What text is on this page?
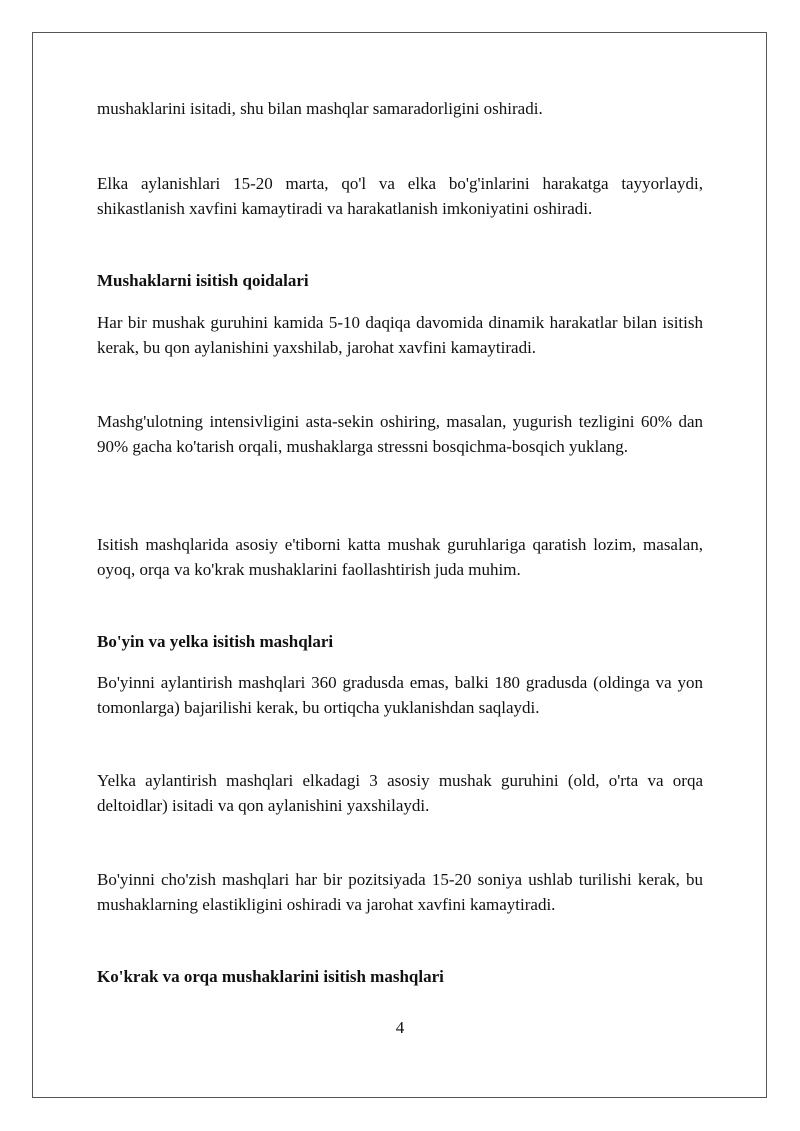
mushaklarini isitadi, shu bilan mashqlar samaradorligini oshiradi.

Elka aylanishlari 15-20 marta, qo'l va elka bo'g'inlarini harakatga tayyorlaydi, shikastlanish xavfini kamaytiradi va harakatlanish imkoniyatini oshiradi.

Mushaklarni isitish qoidalari

Har bir mushak guruhini kamida 5-10 daqiqa davomida dinamik harakatlar bilan isitish kerak, bu qon aylanishini yaxshilab, jarohat xavfini kamaytiradi.

Mashg'ulotning intensivligini asta-sekin oshiring, masalan, yugurish tezligini 60% dan 90% gacha ko'tarish orqali, mushaklarga stressni bosqichma-bosqich yuklang.

Isitish mashqlarida asosiy e'tiborni katta mushak guruhlariga qaratish lozim, masalan, oyoq, orqa va ko'krak mushaklarini faollashtirish juda muhim.

Bo'yin va yelka isitish mashqlari

Bo'yinni aylantirish mashqlari 360 gradusda emas, balki 180 gradusda (oldinga va yon tomonlarga) bajarilishi kerak, bu ortiqcha yuklanishdan saqlaydi.

Yelka aylantirish mashqlari elkadagi 3 asosiy mushak guruhini (old, o'rta va orqa deltoidlar) isitadi va qon aylanishini yaxshilaydi.

Bo'yinni cho'zish mashqlari har bir pozitsiyada 15-20 soniya ushlab turilishi kerak, bu mushaklarning elastikligini oshiradi va jarohat xavfini kamaytiradi.

Ko'krak va orqa mushaklarini isitish mashqlari

4
